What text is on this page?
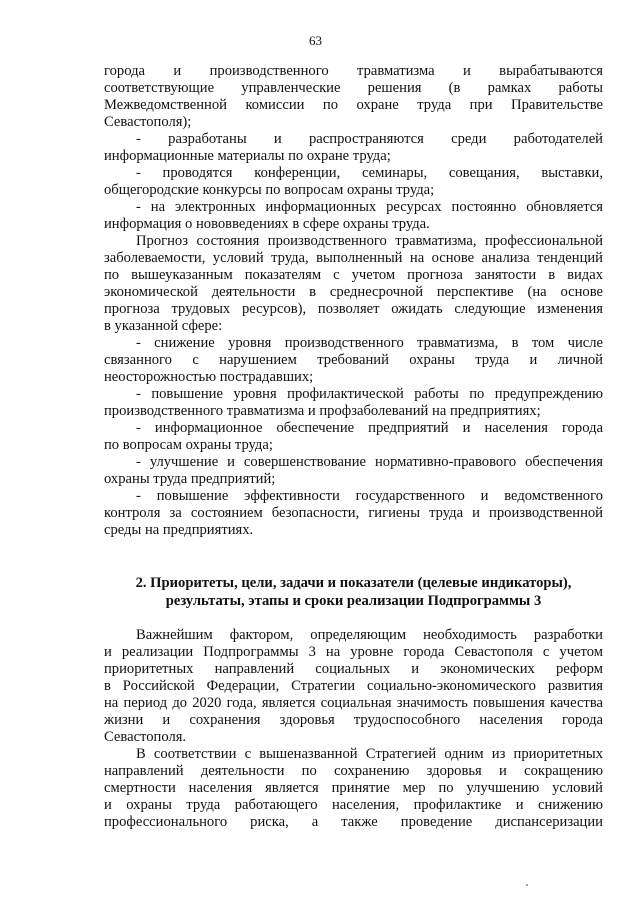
63
города и производственного травматизма и вырабатываются
соответствующие управленческие решения (в рамках работы
Межведомственной комиссии по охране труда при Правительстве
Севастополя);
- разработаны и распространяются среди работодателей
информационные материалы по охране труда;
- проводятся конференции, семинары, совещания, выставки,
общегородские конкурсы по вопросам охраны труда;
- на электронных информационных ресурсах постоянно обновляется
информация о нововведениях в сфере охраны труда.
Прогноз состояния производственного травматизма, профессиональной
заболеваемости, условий труда, выполненный на основе анализа тенденций
по вышеуказанным показателям с учетом прогноза занятости в видах
экономической деятельности в среднесрочной перспективе (на основе
прогноза трудовых ресурсов), позволяет ожидать следующие изменения
в указанной сфере:
- снижение уровня производственного травматизма, в том числе
связанного с нарушением требований охраны труда и личной
неосторожностью пострадавших;
- повышение уровня профилактической работы по предупреждению
производственного травматизма и профзаболеваний на предприятиях;
- информационное обеспечение предприятий и населения города
по вопросам охраны труда;
- улучшение и совершенствование нормативно-правового обеспечения
охраны труда предприятий;
- повышение эффективности государственного и ведомственного
контроля за состоянием безопасности, гигиены труда и производственной
среды на предприятиях.
2. Приоритеты, цели, задачи и показатели (целевые индикаторы),
результаты, этапы и сроки реализации Подпрограммы 3
Важнейшим фактором, определяющим необходимость разработки
и реализации Подпрограммы 3 на уровне города Севастополя с учетом
приоритетных направлений социальных и экономических реформ
в Российской Федерации, Стратегии социально-экономического развития
на период до 2020 года, является социальная значимость повышения качества
жизни и сохранения здоровья трудоспособного населения города
Севастополя.
В соответствии с вышеназванной Стратегией одним из приоритетных
направлений деятельности по сохранению здоровья и сокращению
смертности населения является принятие мер по улучшению условий
и охраны труда работающего населения, профилактике и снижению
профессионального риска, а также проведение диспансеризации
